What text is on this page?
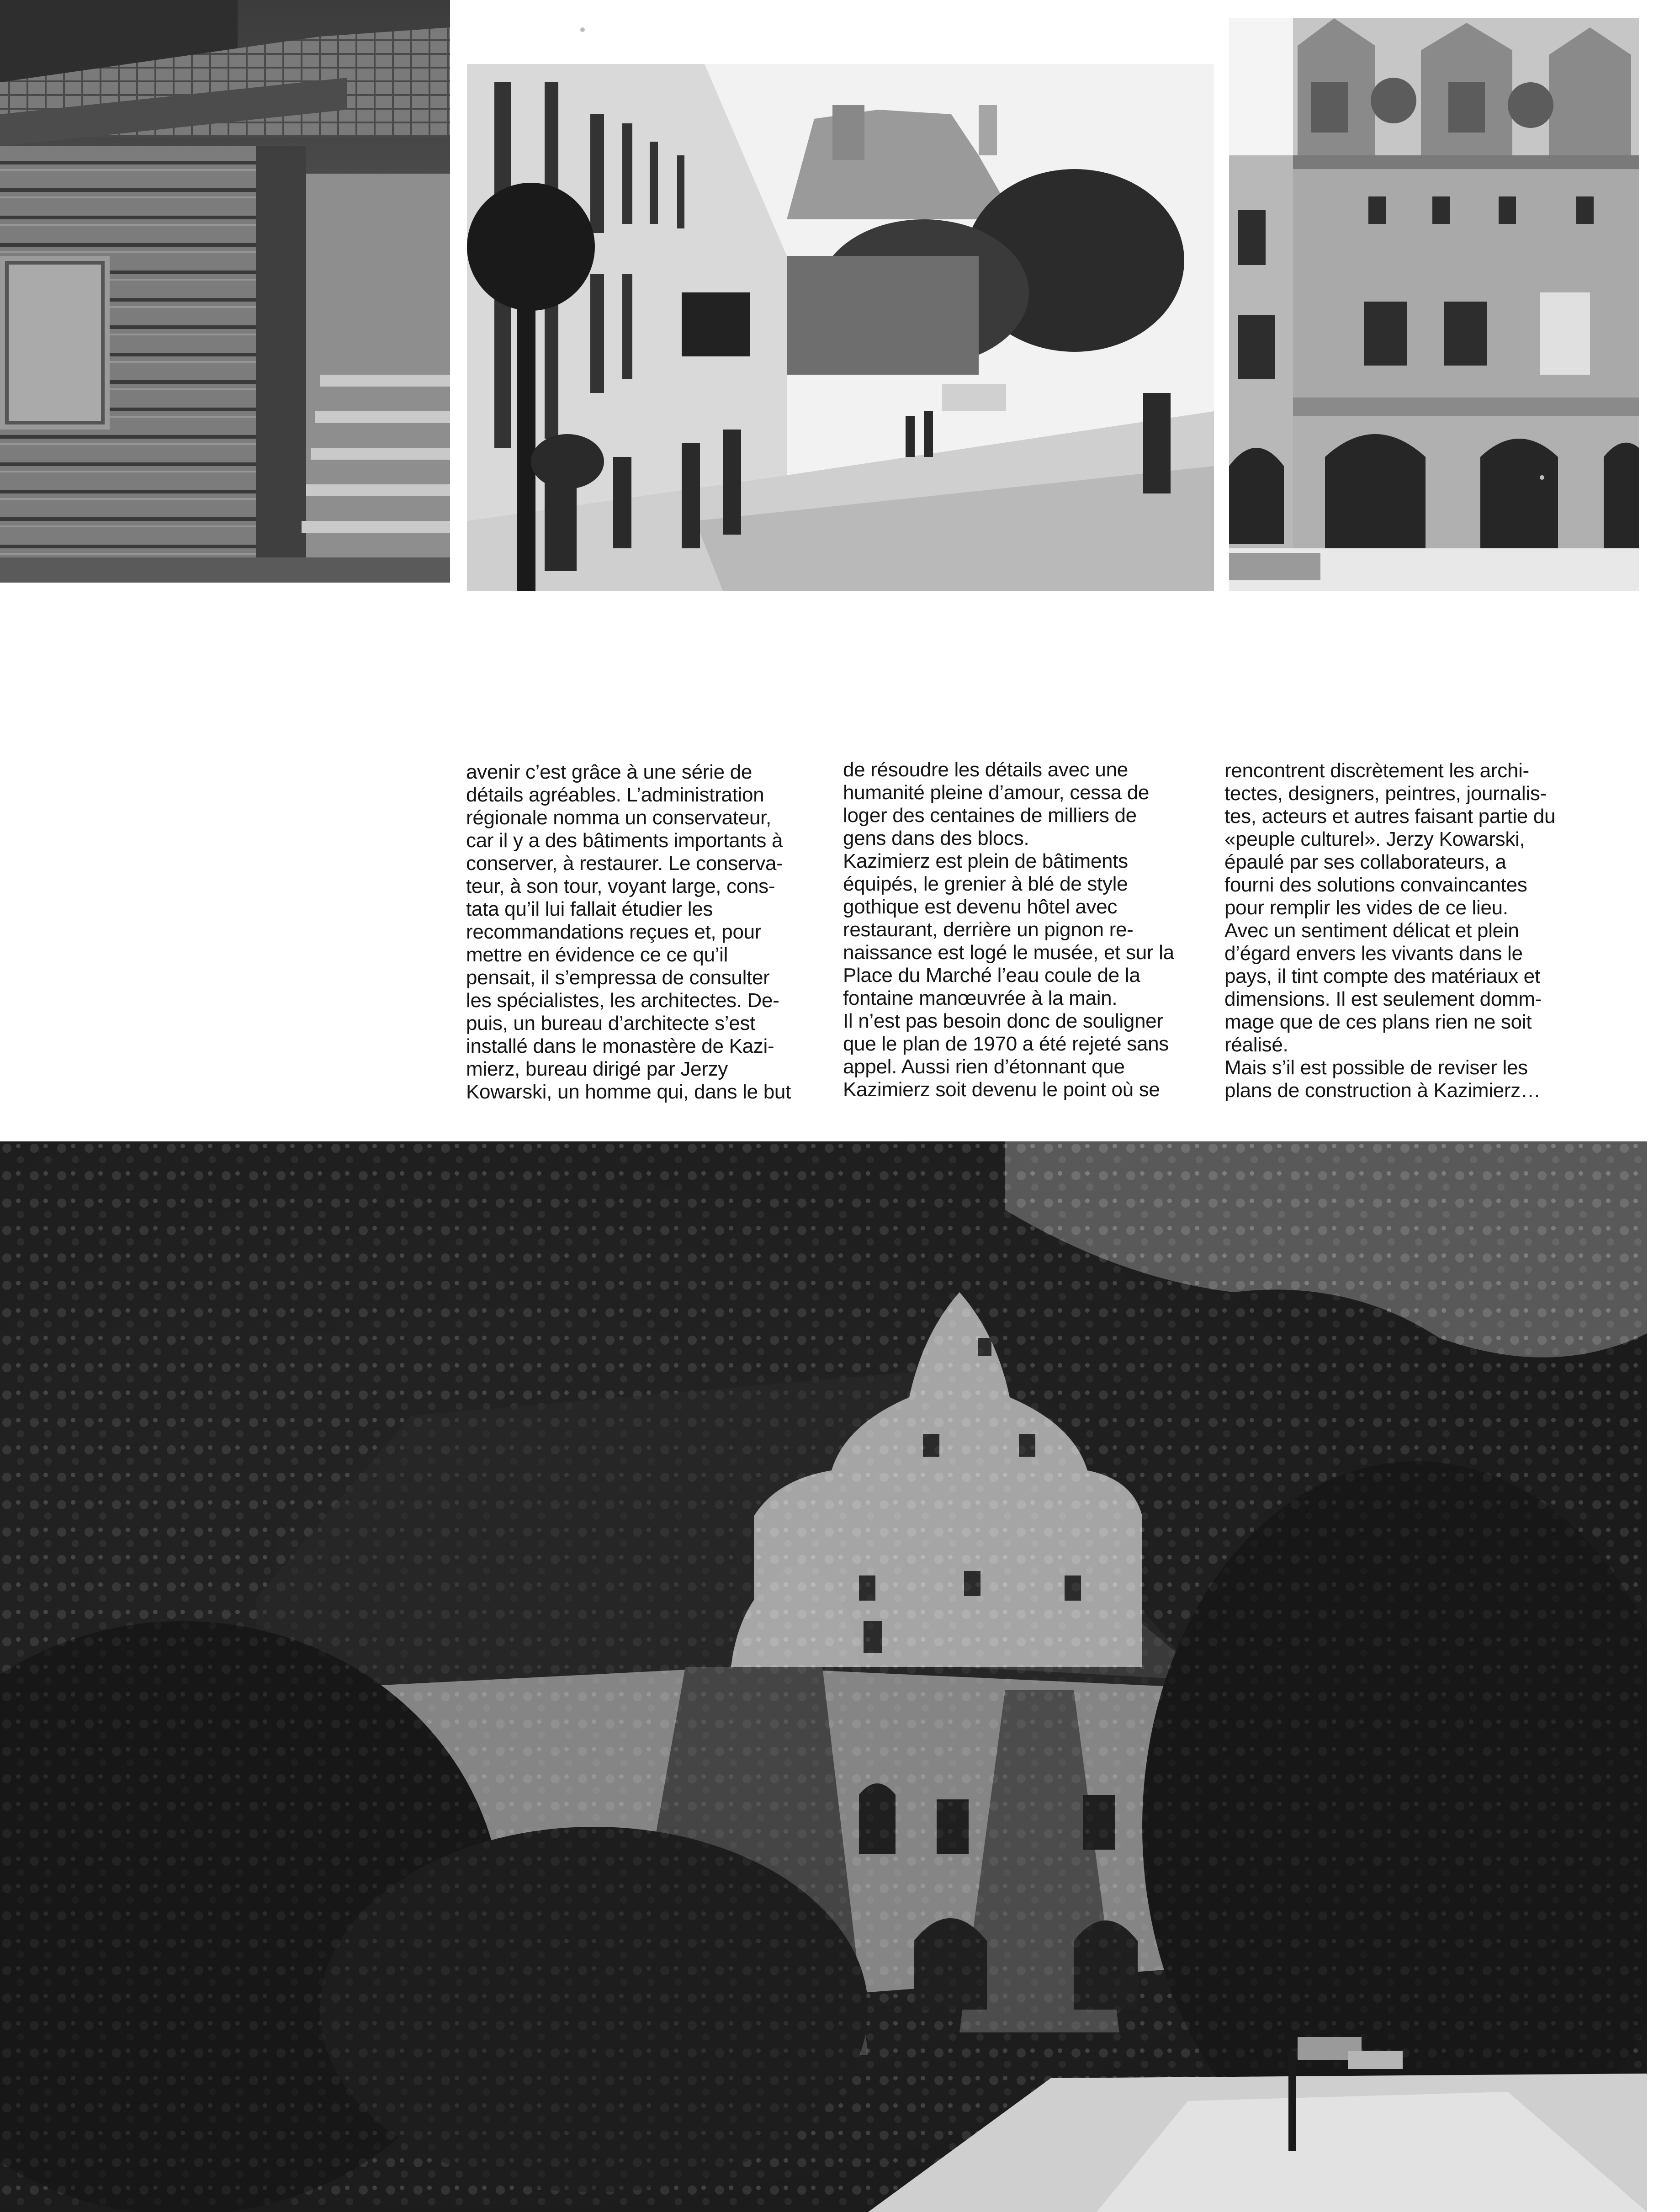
avenir c’est grâce à une série de

détails agréables. L’administration

régionale nomma un conservateur,

car il y a des bâtiments importants à

conserver, à restaurer. Le conserva-

teur, à son tour, voyant large, cons-

tata qu’il lui fallait étudier les

recommandations reçues et, pour

mettre en évidence ce ce qu’il

pensait, il s’empressa de consulter

les spécialistes, les architectes. De-

puis, un bureau d’architecte s’est

installé dans le monastère de Kazi-

mierz, bureau dirigé par Jerzy

Kowarski, un homme qui, dans le but

de résoudre les détails avec une

humanité pleine d’amour, cessa de

loger des centaines de milliers de

gens dans des blocs.

Kazimierz est plein de bâtiments

équipés, le grenier à blé de style

gothique est devenu hôtel avec

restaurant, derrière un pignon re-

naissance est logé le musée, et sur la

Place du Marché l’eau coule de la

fontaine manœuvrée à la main.

Il n’est pas besoin donc de souligner

que le plan de 1970 a été rejeté sans

appel. Aussi rien d’étonnant que

Kazimierz soit devenu le point où se

rencontrent discrètement les archi-

tectes, designers, peintres, journalis-

tes, acteurs et autres faisant partie du

«peuple culturel». Jerzy Kowarski,

épaulé par ses collaborateurs, a

fourni des solutions convaincantes

pour remplir les vides de ce lieu.

Avec un sentiment délicat et plein

d’égard envers les vivants dans le

pays, il tint compte des matériaux et

dimensions. Il est seulement domm-

mage que de ces plans rien ne soit

réalisé.

Mais s’il est possible de reviser les

plans de construction à Kazimierz…
